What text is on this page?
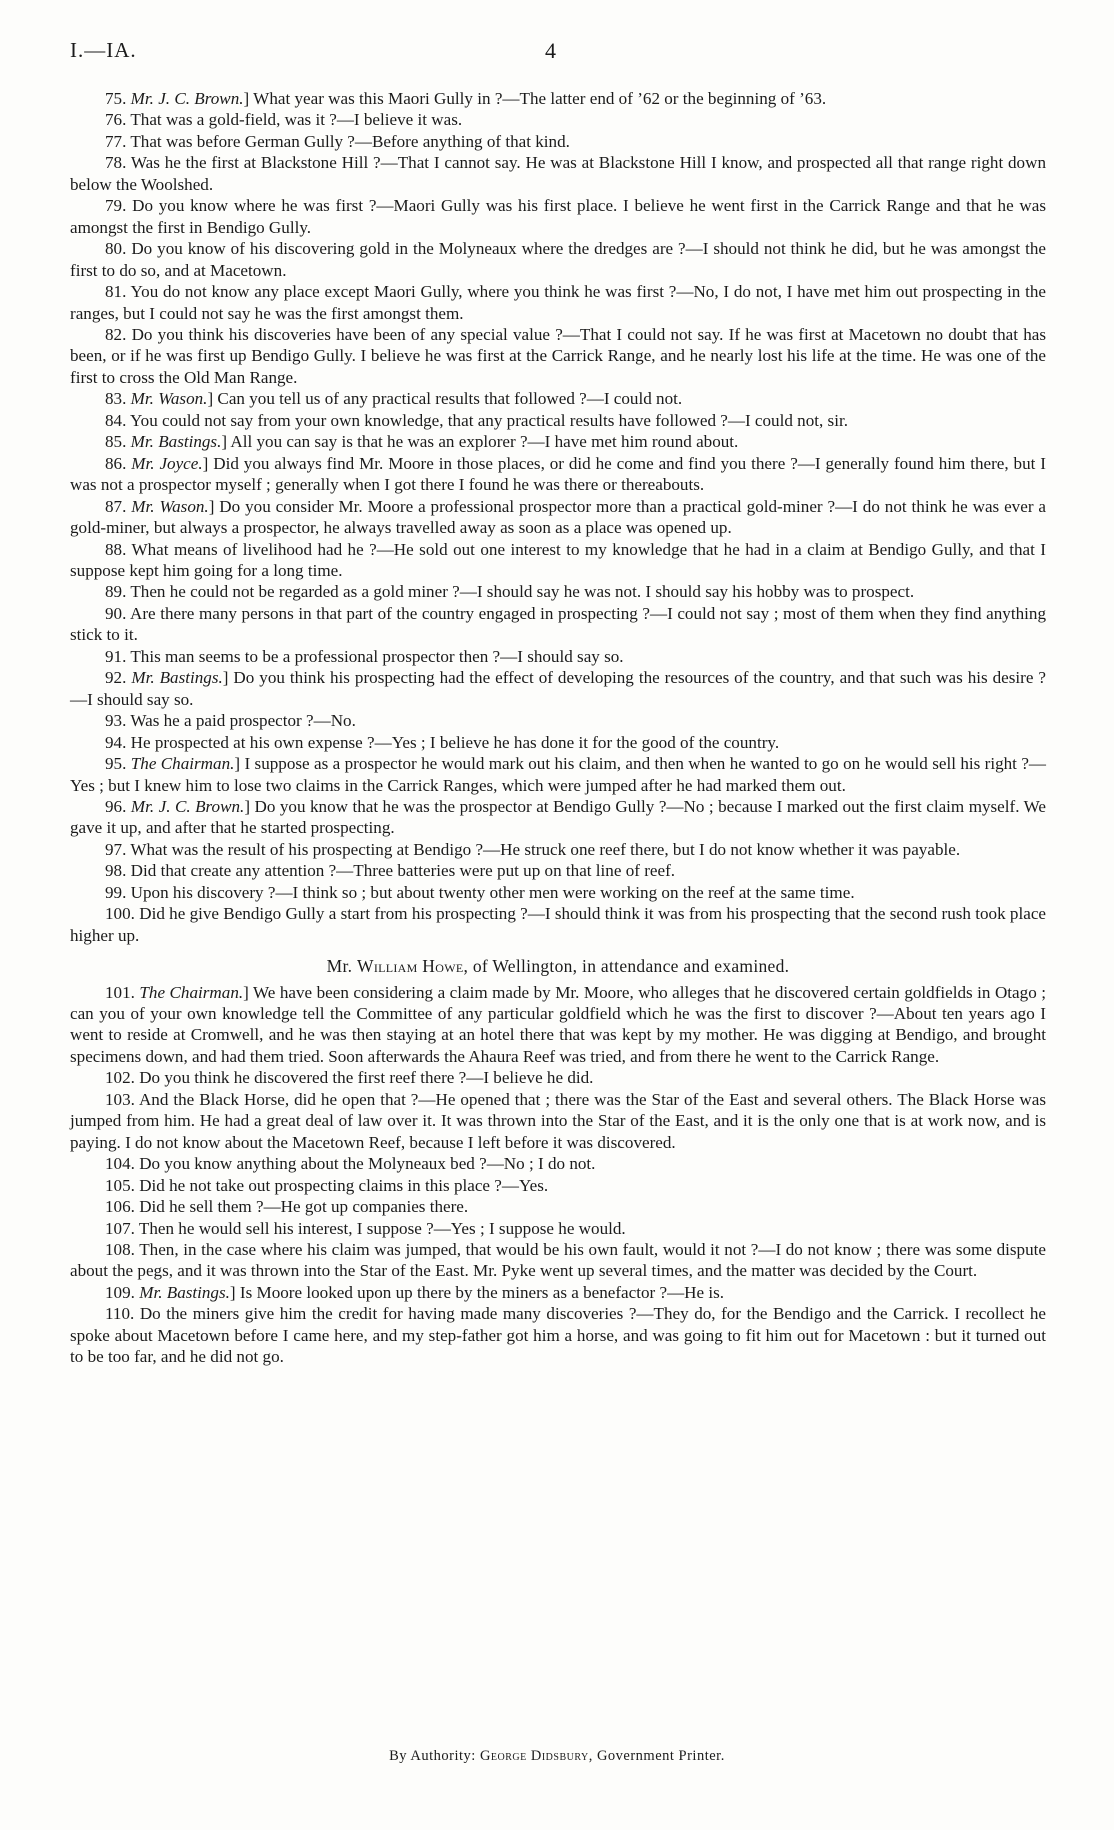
I.—IA.	4

75. Mr. J. C. Brown.] What year was this Maori Gully in ?—The latter end of ’62 or the beginning of ’63.

76. That was a gold-field, was it ?—I believe it was.

77. That was before German Gully ?—Before anything of that kind.

78. Was he the first at Blackstone Hill ?—That I cannot say. He was at Blackstone Hill I know, and prospected all that range right down below the Woolshed.

79. Do you know where he was first ?—Maori Gully was his first place. I believe he went first in the Carrick Range and that he was amongst the first in Bendigo Gully.

80. Do you know of his discovering gold in the Molyneaux where the dredges are ?—I should not think he did, but he was amongst the first to do so, and at Macetown.

81. You do not know any place except Maori Gully, where you think he was first ?—No, I do not, I have met him out prospecting in the ranges, but I could not say he was the first amongst them.

82. Do you think his discoveries have been of any special value ?—That I could not say. If he was first at Macetown no doubt that has been, or if he was first up Bendigo Gully. I believe he was first at the Carrick Range, and he nearly lost his life at the time. He was one of the first to cross the Old Man Range.

83. Mr. Wason.] Can you tell us of any practical results that followed ?—I could not.

84. You could not say from your own knowledge, that any practical results have followed ?—I could not, sir.

85. Mr. Bastings.] All you can say is that he was an explorer ?—I have met him round about.

86. Mr. Joyce.] Did you always find Mr. Moore in those places, or did he come and find you there ?—I generally found him there, but I was not a prospector myself ; generally when I got there I found he was there or thereabouts.

87. Mr. Wason.] Do you consider Mr. Moore a professional prospector more than a practical gold-miner ?—I do not think he was ever a gold-miner, but always a prospector, he always travelled away as soon as a place was opened up.

88. What means of livelihood had he ?—He sold out one interest to my knowledge that he had in a claim at Bendigo Gully, and that I suppose kept him going for a long time.

89. Then he could not be regarded as a gold miner ?—I should say he was not. I should say his hobby was to prospect.

90. Are there many persons in that part of the country engaged in prospecting ?—I could not say ; most of them when they find anything stick to it.

91. This man seems to be a professional prospector then ?—I should say so.

92. Mr. Bastings.] Do you think his prospecting had the effect of developing the resources of the country, and that such was his desire ?—I should say so.

93. Was he a paid prospector ?—No.

94. He prospected at his own expense ?—Yes ; I believe he has done it for the good of the country.

95. The Chairman.] I suppose as a prospector he would mark out his claim, and then when he wanted to go on he would sell his right ?—Yes ; but I knew him to lose two claims in the Carrick Ranges, which were jumped after he had marked them out.

96. Mr. J. C. Brown.] Do you know that he was the prospector at Bendigo Gully ?—No ; because I marked out the first claim myself. We gave it up, and after that he started prospecting.

97. What was the result of his prospecting at Bendigo ?—He struck one reef there, but I do not know whether it was payable.

98. Did that create any attention ?—Three batteries were put up on that line of reef.

99. Upon his discovery ?—I think so ; but about twenty other men were working on the reef at the same time.

100. Did he give Bendigo Gully a start from his prospecting ?—I should think it was from his prospecting that the second rush took place higher up.

Mr. William Howe, of Wellington, in attendance and examined.

101. The Chairman.] We have been considering a claim made by Mr. Moore, who alleges that he discovered certain goldfields in Otago ; can you of your own knowledge tell the Committee of any particular goldfield which he was the first to discover ?—About ten years ago I went to reside at Cromwell, and he was then staying at an hotel there that was kept by my mother. He was digging at Bendigo, and brought specimens down, and had them tried. Soon afterwards the Ahaura Reef was tried, and from there he went to the Carrick Range.

102. Do you think he discovered the first reef there ?—I believe he did.

103. And the Black Horse, did he open that ?—He opened that ; there was the Star of the East and several others. The Black Horse was jumped from him. He had a great deal of law over it. It was thrown into the Star of the East, and it is the only one that is at work now, and is paying. I do not know about the Macetown Reef, because I left before it was discovered.

104. Do you know anything about the Molyneaux bed ?—No ; I do not.

105. Did he not take out prospecting claims in this place ?—Yes.

106. Did he sell them ?—He got up companies there.

107. Then he would sell his interest, I suppose ?—Yes ; I suppose he would.

108. Then, in the case where his claim was jumped, that would be his own fault, would it not ?—I do not know ; there was some dispute about the pegs, and it was thrown into the Star of the East. Mr. Pyke went up several times, and the matter was decided by the Court.

109. Mr. Bastings.] Is Moore looked upon up there by the miners as a benefactor ?—He is.

110. Do the miners give him the credit for having made many discoveries ?—They do, for the Bendigo and the Carrick. I recollect he spoke about Macetown before I came here, and my step-father got him a horse, and was going to fit him out for Macetown : but it turned out to be too far, and he did not go.

By Authority: George Didsbury, Government Printer.
